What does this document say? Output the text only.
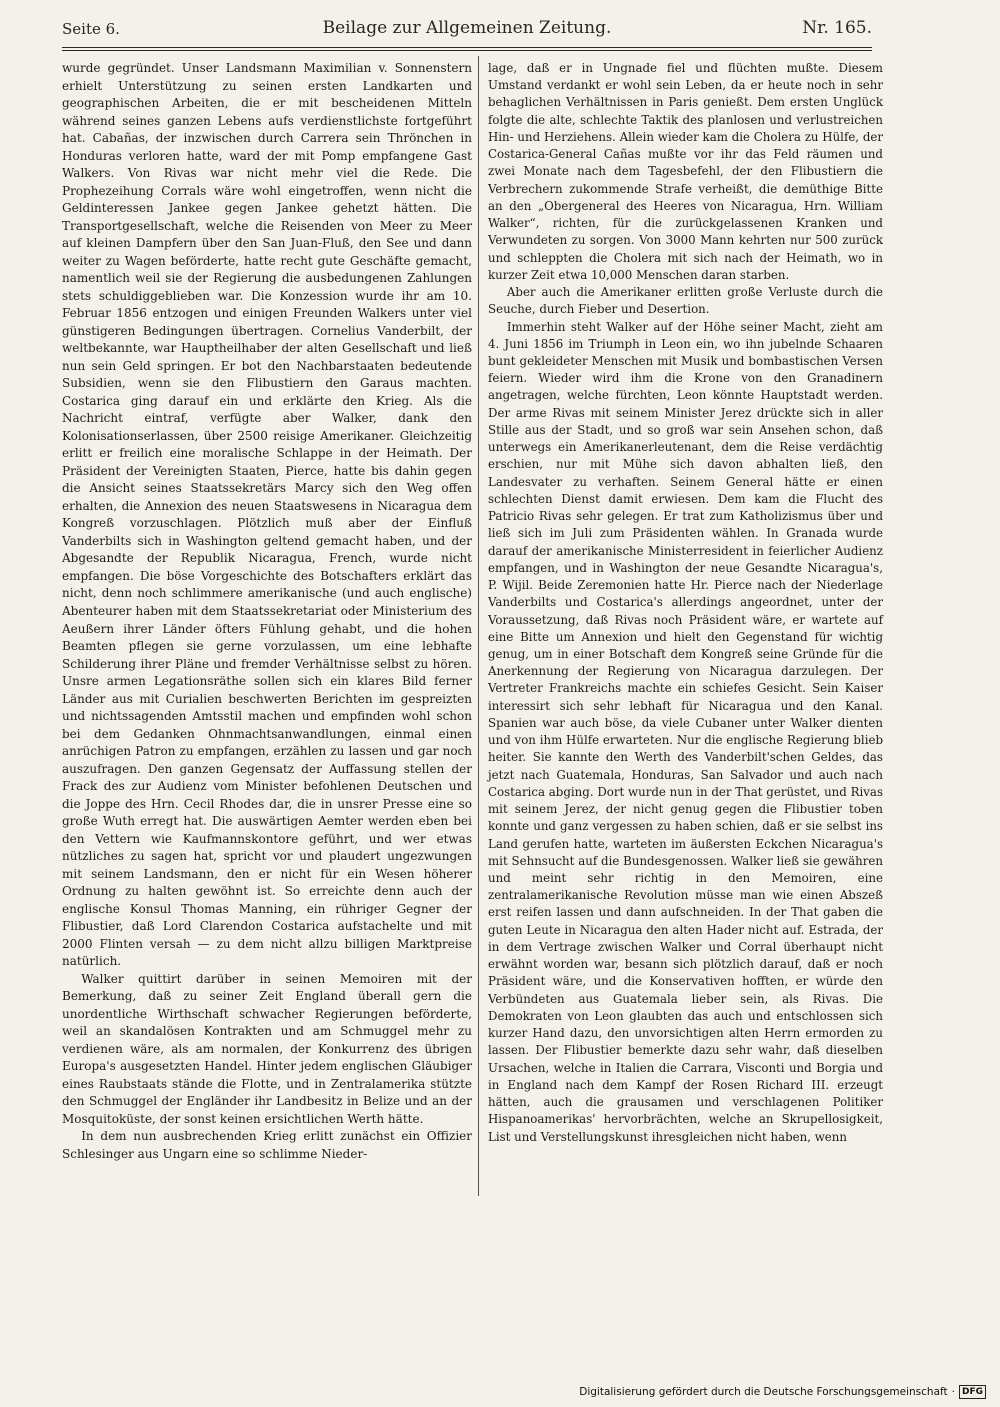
Seite 6.	Beilage zur Allgemeinen Zeitung.	Nr. 165.

wurde gegründet. Unser Landsmann Maximilian v. Sonnenstern erhielt Unterstützung zu seinen ersten Landkarten und geographischen Arbeiten, die er mit bescheidenen Mitteln während seines ganzen Lebens aufs verdienstlichste fortgeführt hat. Cabañas, der inzwischen durch Carrera sein Thrönchen in Honduras verloren hatte, ward der mit Pomp empfangene Gast Walkers. Von Rivas war nicht mehr viel die Rede. Die Prophezeihung Corrals wäre wohl eingetroffen, wenn nicht die Geldinteressen Jankee gegen Jankee gehetzt hätten. Die Transportgesellschaft, welche die Reisenden von Meer zu Meer auf kleinen Dampfern über den San Juan-Fluß, den See und dann weiter zu Wagen beförderte, hatte recht gute Geschäfte gemacht, namentlich weil sie der Regierung die ausbedungenen Zahlungen stets schuldiggeblieben war. Die Konzession wurde ihr am 10. Februar 1856 entzogen und einigen Freunden Walkers unter viel günstigeren Bedingungen übertragen. Cornelius Vanderbilt, der weltbekannte, war Hauptheilhaber der alten Gesellschaft und ließ nun sein Geld springen. Er bot den Nachbarstaaten bedeutende Subsidien, wenn sie den Flibustiern den Garaus machten. Costarica ging darauf ein und erklärte den Krieg. Als die Nachricht eintraf, verfügte aber Walker, dank den Kolonisationserlassen, über 2500 reisige Amerikaner. Gleichzeitig erlitt er freilich eine moralische Schlappe in der Heimath. Der Präsident der Vereinigten Staaten, Pierce, hatte bis dahin gegen die Ansicht seines Staatssekretärs Marcy sich den Weg offen erhalten, die Annexion des neuen Staatswesens in Nicaragua dem Kongreß vorzuschlagen. Plötzlich muß aber der Einfluß Vanderbilts sich in Washington geltend gemacht haben, und der Abgesandte der Republik Nicaragua, French, wurde nicht empfangen. Die böse Vorgeschichte des Botschafters erklärt das nicht, denn noch schlimmere amerikanische (und auch englische) Abenteurer haben mit dem Staatssekretariat oder Ministerium des Aeußern ihrer Länder öfters Fühlung gehabt, und die hohen Beamten pflegen sie gerne vorzulassen, um eine lebhafte Schilderung ihrer Pläne und fremder Verhältnisse selbst zu hören. Unsre armen Legationsräthe sollen sich ein klares Bild ferner Länder aus mit Curialien beschwerten Berichten im gespreizten und nichtssagenden Amtsstil machen und empfinden wohl schon bei dem Gedanken Ohnmachtsanwandlungen, einmal einen anrüchigen Patron zu empfangen, erzählen zu lassen und gar noch auszufragen. Den ganzen Gegensatz der Auffassung stellen der Frack des zur Audienz vom Minister befohlenen Deutschen und die Joppe des Hrn. Cecil Rhodes dar, die in unsrer Presse eine so große Wuth erregt hat. Die auswärtigen Aemter werden eben bei den Vettern wie Kaufmannskontore geführt, und wer etwas nützliches zu sagen hat, spricht vor und plaudert ungezwungen mit seinem Landsmann, den er nicht für ein Wesen höherer Ordnung zu halten gewöhnt ist. So erreichte denn auch der englische Konsul Thomas Manning, ein rühriger Gegner der Flibustier, daß Lord Clarendon Costarica aufstachelte und mit 2000 Flinten versah — zu dem nicht allzu billigen Marktpreise natürlich.

Walker quittirt darüber in seinen Memoiren mit der Bemerkung, daß zu seiner Zeit England überall gern die unordentliche Wirthschaft schwacher Regierungen beförderte, weil an skandalösen Kontrakten und am Schmuggel mehr zu verdienen wäre, als am normalen, der Konkurrenz des übrigen Europa's ausgesetzten Handel. Hinter jedem englischen Gläubiger eines Raubstaats stände die Flotte, und in Zentralamerika stützte den Schmuggel der Engländer ihr Landbesitz in Belize und an der Mosquitoküste, der sonst keinen ersichtlichen Werth hätte.

In dem nun ausbrechenden Krieg erlitt zunächst ein Offizier Schlesinger aus Ungarn eine so schlimme Nieder-

lage, daß er in Ungnade fiel und flüchten mußte. Diesem Umstand verdankt er wohl sein Leben, da er heute noch in sehr behaglichen Verhältnissen in Paris genießt. Dem ersten Unglück folgte die alte, schlechte Taktik des planlosen und verlustreichen Hin- und Herziehens. Allein wieder kam die Cholera zu Hülfe, der Costarica-General Cañas mußte vor ihr das Feld räumen und zwei Monate nach dem Tagesbefehl, der den Flibustiern die Verbrechern zukommende Strafe verheißt, die demüthige Bitte an den „Obergeneral des Heeres von Nicaragua, Hrn. William Walker“, richten, für die zurückgelassenen Kranken und Verwundeten zu sorgen. Von 3000 Mann kehrten nur 500 zurück und schleppten die Cholera mit sich nach der Heimath, wo in kurzer Zeit etwa 10,000 Menschen daran starben.

Aber auch die Amerikaner erlitten große Verluste durch die Seuche, durch Fieber und Desertion.

Immerhin steht Walker auf der Höhe seiner Macht, zieht am 4. Juni 1856 im Triumph in Leon ein, wo ihn jubelnde Schaaren bunt gekleideter Menschen mit Musik und bombastischen Versen feiern. Wieder wird ihm die Krone von den Granadinern angetragen, welche fürchten, Leon könnte Hauptstadt werden. Der arme Rivas mit seinem Minister Jerez drückte sich in aller Stille aus der Stadt, und so groß war sein Ansehen schon, daß unterwegs ein Amerikanerleutenant, dem die Reise verdächtig erschien, nur mit Mühe sich davon abhalten ließ, den Landesvater zu verhaften. Seinem General hätte er einen schlechten Dienst damit erwiesen. Dem kam die Flucht des Patricio Rivas sehr gelegen. Er trat zum Katholizismus über und ließ sich im Juli zum Präsidenten wählen. In Granada wurde darauf der amerikanische Ministerresident in feierlicher Audienz empfangen, und in Washington der neue Gesandte Nicaragua's, P. Wijil. Beide Zeremonien hatte Hr. Pierce nach der Niederlage Vanderbilts und Costarica's allerdings angeordnet, unter der Voraussetzung, daß Rivas noch Präsident wäre, er wartete auf eine Bitte um Annexion und hielt den Gegenstand für wichtig genug, um in einer Botschaft dem Kongreß seine Gründe für die Anerkennung der Regierung von Nicaragua darzulegen. Der Vertreter Frankreichs machte ein schiefes Gesicht. Sein Kaiser interessirt sich sehr lebhaft für Nicaragua und den Kanal. Spanien war auch böse, da viele Cubaner unter Walker dienten und von ihm Hülfe erwarteten. Nur die englische Regierung blieb heiter. Sie kannte den Werth des Vanderbilt'schen Geldes, das jetzt nach Guatemala, Honduras, San Salvador und auch nach Costarica abging. Dort wurde nun in der That gerüstet, und Rivas mit seinem Jerez, der nicht genug gegen die Flibustier toben konnte und ganz vergessen zu haben schien, daß er sie selbst ins Land gerufen hatte, warteten im äußersten Eckchen Nicaragua's mit Sehnsucht auf die Bundesgenossen. Walker ließ sie gewähren und meint sehr richtig in den Memoiren, eine zentralamerikanische Revolution müsse man wie einen Abszeß erst reifen lassen und dann aufschneiden. In der That gaben die guten Leute in Nicaragua den alten Hader nicht auf. Estrada, der in dem Vertrage zwischen Walker und Corral überhaupt nicht erwähnt worden war, besann sich plötzlich darauf, daß er noch Präsident wäre, und die Konservativen hofften, er würde den Verbündeten aus Guatemala lieber sein, als Rivas. Die Demokraten von Leon glaubten das auch und entschlossen sich kurzer Hand dazu, den unvorsichtigen alten Herrn ermorden zu lassen. Der Flibustier bemerkte dazu sehr wahr, daß dieselben Ursachen, welche in Italien die Carrara, Visconti und Borgia und in England nach dem Kampf der Rosen Richard III. erzeugt hätten, auch die grausamen und verschlagenen Politiker Hispanoamerikas' hervorbrächten, welche an Skrupellosigkeit, List und Verstellungskunst ihresgleichen nicht haben, wenn

Digitalisierung gefördert durch die Deutsche Forschungsgemeinschaft · DFG
